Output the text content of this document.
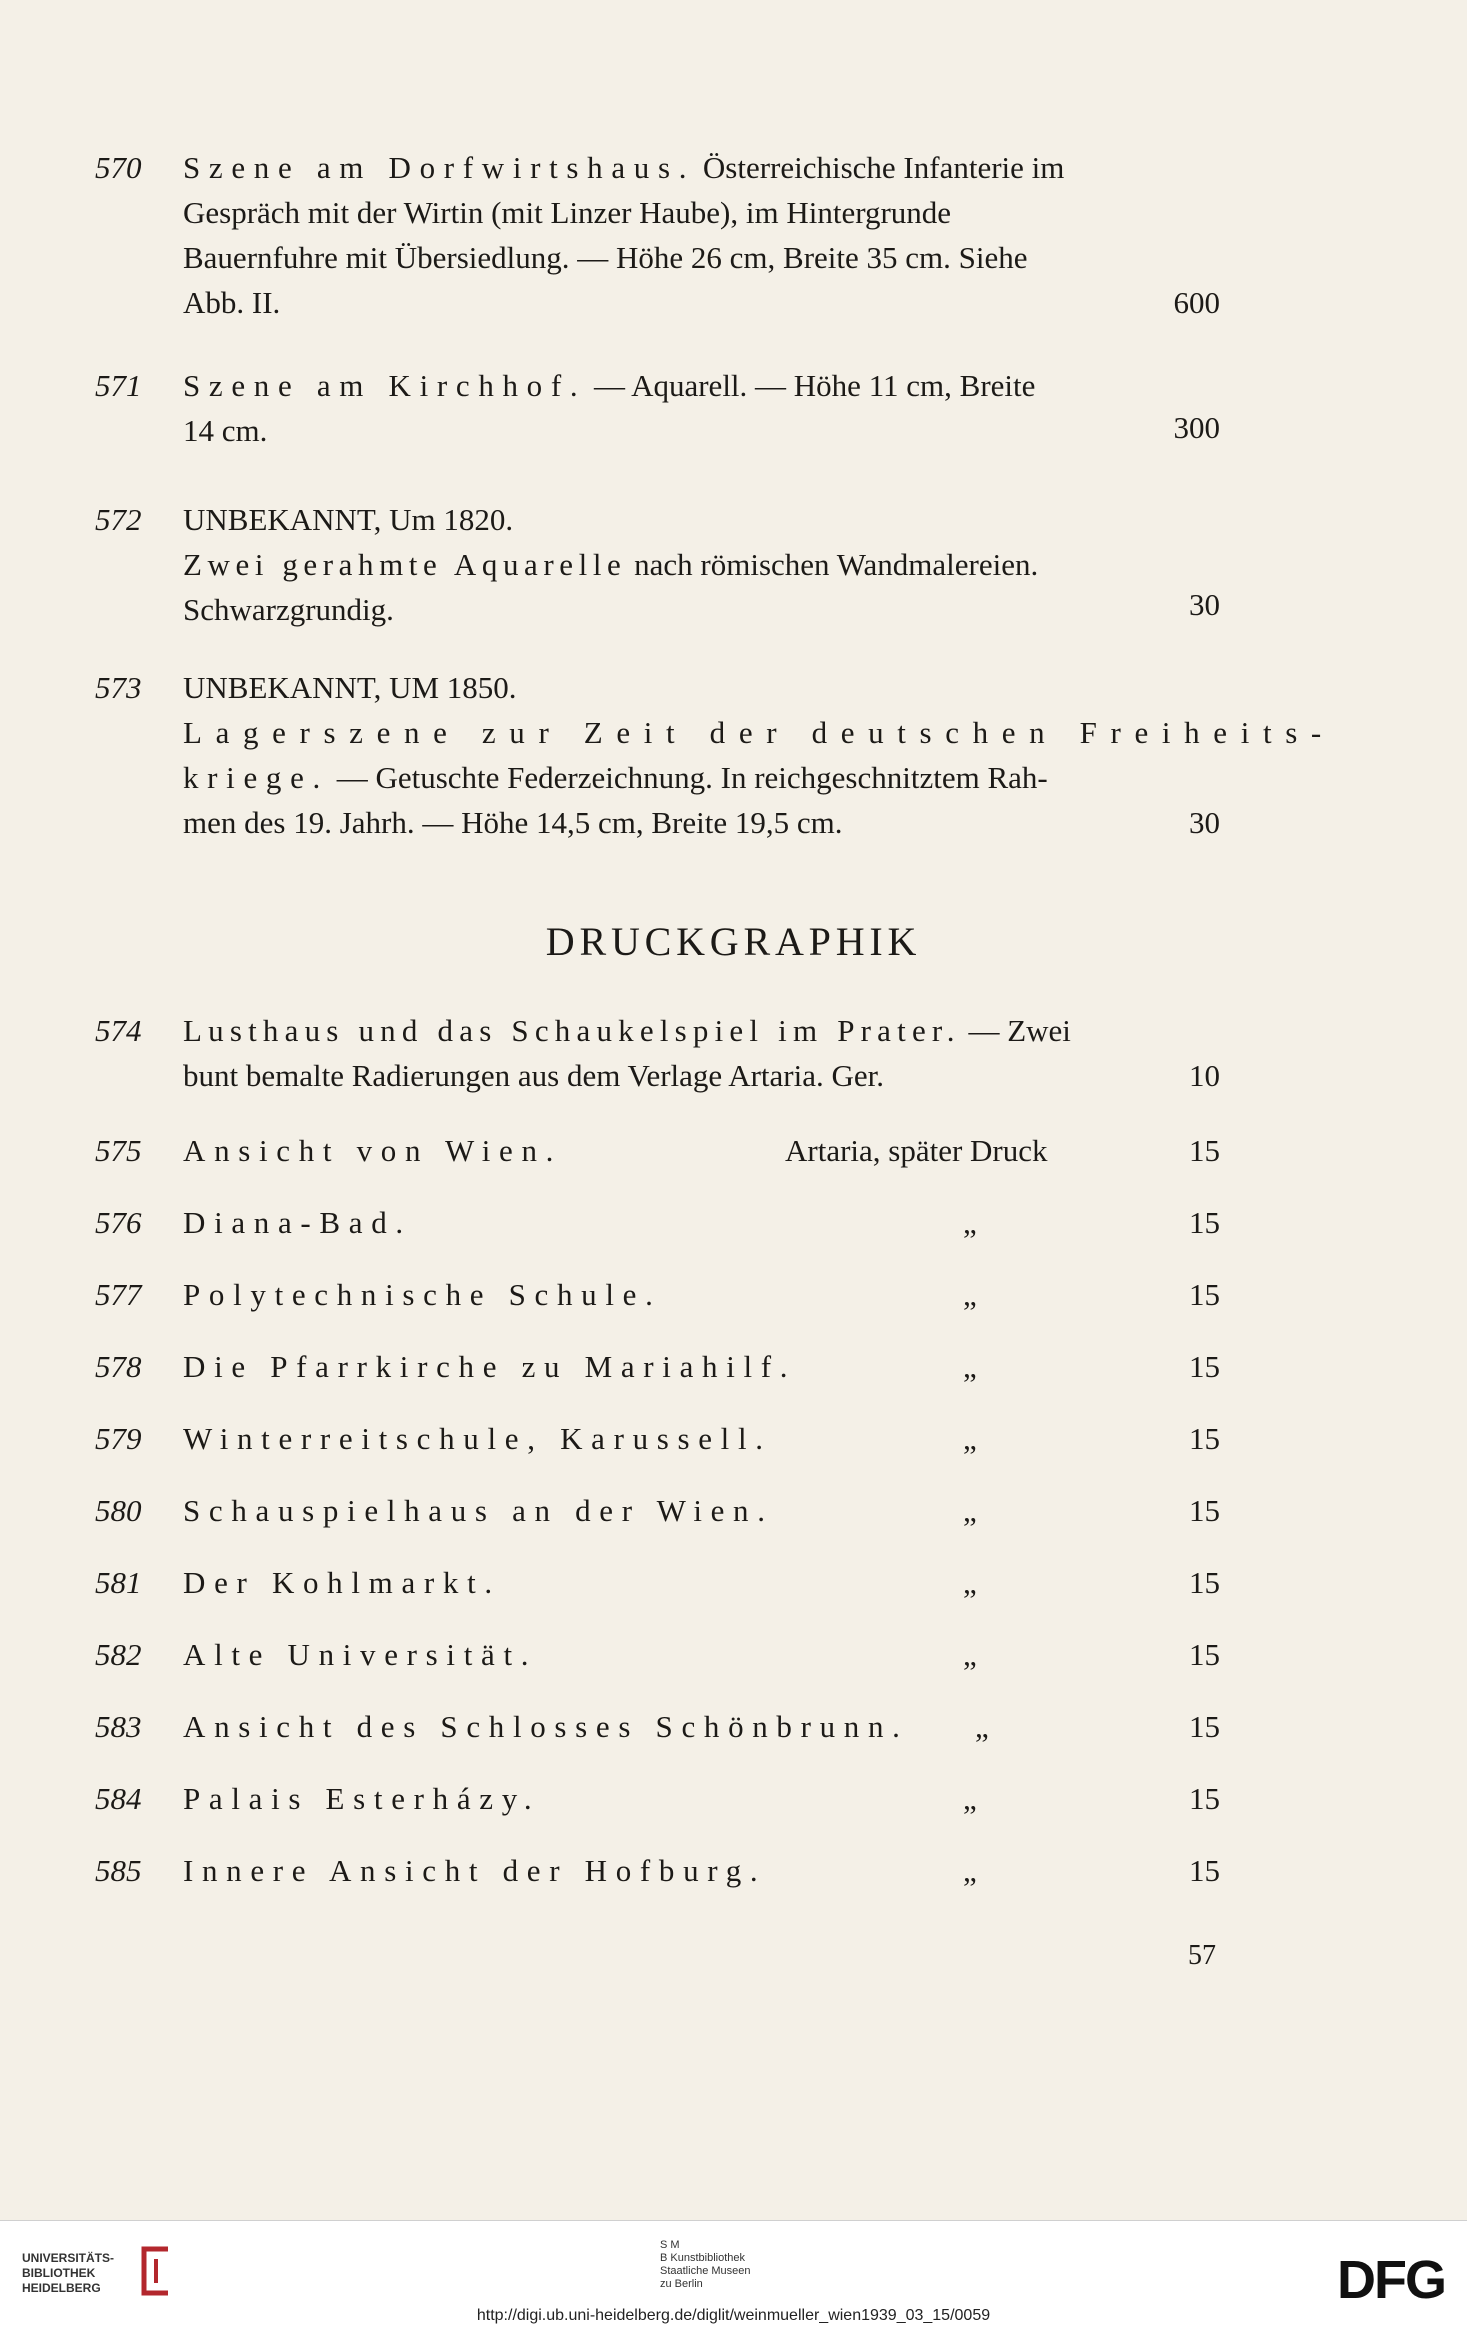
570	Szene am Dorfwirtshaus. Österreichische Infanterie im
Gespräch mit der Wirtin (mit Linzer Haube), im Hintergrunde
Bauernfuhre mit Übersiedlung. — Höhe 26 cm, Breite 35 cm. Siehe
Abb. II.	600
571	Szene am Kirchhof. — Aquarell. — Höhe 11 cm, Breite
14 cm.	300
572	UNBEKANNT, Um 1820.
Zwei gerahmte Aquarelle nach römischen Wandmalereien.
Schwarzgrundig.	30
573	UNBEKANNT, UM 1850.
Lagerszene zur Zeit der deutschen Freiheits-
kriege. — Getuschte Federzeichnung. In reichgeschnitztem Rah-
men des 19. Jahrh. — Höhe 14,5 cm, Breite 19,5 cm.	30
DRUCKGRAPHIK
574	Lusthaus und das Schaukelspiel im Prater. — Zwei
bunt bemalte Radierungen aus dem Verlage Artaria. Ger.	10
575	Ansicht von Wien.	Artaria, später Druck	15
576	Diana-Bad.	„	15
577	Polytechnische Schule.	„	15
578	Die Pfarrkirche zu Mariahilf.	„	15
579	Winterreitschule, Karussell.	„	15
580	Schauspielhaus an der Wien.	„	15
581	Der Kohlmarkt.	„	15
582	Alte Universität.	„	15
583	Ansicht des Schlosses Schönbrunn.	„	15
584	Palais Esterházy.	„	15
585	Innere Ansicht der Hofburg.	„	15
57
UNIVERSITÄTS-
BIBLIOTHEK
HEIDELBERG
S M
B Kunstbibliothek
Staatliche Museen
zu Berlin	DFG
http://digi.ub.uni-heidelberg.de/diglit/weinmueller_wien1939_03_15/0059
